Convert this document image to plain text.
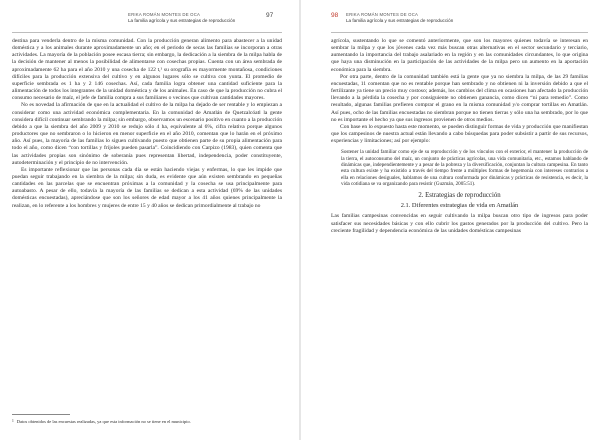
ERIKA ROMÁN MONTES DE OCA
La familia agrícola y sus estrategias de reproducción
97

destina para venderla dentro de la misma comunidad. Con la producción generan alimento para abastecer a la unidad doméstica y a los animales durante aproximadamente un año; en el periodo de secas las familias se incorporan a otras actividades. La mayoría de la población posee escasa tierra; sin embargo, la dedicación a la siembra de la milpa habla de la decisión de mantener al menos la posibilidad de alimentarse con cosechas propias. Cuenta con un área sembrada de aproximadamente 62 ha para el año 2010 y una cosecha de 122 t,¹ su orografía es mayormente montañosa, condiciones difíciles para la producción extensiva del cultivo y en algunos lugares sólo se cultiva con yunta. El promedio de superficie sembrada es 1 ha y 2 146 cosechas. Así, cada familia logra obtener una cantidad suficiente para la alimentación de todos los integrantes de la unidad doméstica y de los animales. En caso de que la producción no cubra el consumo necesario de maíz, el jefe de familia compra a sus familiares o vecinos que cultivan cantidades mayores.

No es novedad la afirmación de que en la actualidad el cultivo de la milpa ha dejado de ser rentable y lo empiezan a considerar como una actividad económica complementaria. En la comunidad de Amatlán de Quetzalcóatl la gente considera difícil continuar sembrando la milpa; sin embargo, observamos un escenario positivo en cuanto a la producción debido a que la siembra del año 2009 y 2010 se redujo sólo 4 ha, equivalente al 6%, cifra relativa porque algunos productores que no sembraron o lo hicieron en menor superficie en el año 2010, comentan que lo harán en el próximo año. Así pues, la mayoría de las familias lo siguen cultivando puesto que obtienen parte de su propia alimentación para todo el año, como dicen “con tortillas y frijoles pueden pasarla”. Coincidiendo con Carpizo (1983), quien comenta que las actividades propias son sinónimo de soberanía pues representan libertad, independencia, poder constituyente, autodeterminación y el principio de no intervención.

Es importante reflexionar que las personas cada día se están haciendo viejas y enfermas, lo que les impide que puedan seguir trabajando en la siembra de la milpa; sin duda, es evidente que aún existen sembrando en pequeñas cantidades en las parcelas que se encuentran próximas a la comunidad y la cosecha se usa principalmente para autoabasto. A pesar de ello, todavía la mayoría de las familias se dedican a esta actividad (69% de las unidades domésticas encuestadas), apreciándose que son los señores de edad mayor a los 41 años quienes principalmente la realizan, en lo referente a los hombres y mujeres de entre 15 y 40 años se dedican primordialmente al trabajo no

$^1$ Datos obtenidos de las encuestas realizadas, ya que esta información no se tiene en el municipio.
98 ERIKA ROMÁN MONTES DE OCA
La familia agrícola y sus estrategias de reproducción

agrícola, sustentando lo que se comentó anteriormente, que son los mayores quienes todavía se interesan en sembrar la milpa y que los jóvenes cada vez más buscan otras alternativas en el sector secundario y terciario, aumentando la importancia del trabajo asalariado en la región y en las comunidades circundantes, lo que origina que haya una disminución en la participación de las actividades de la milpa pero un aumento en la aportación económica para la siembra.

Por otra parte, dentro de la comunidad también está la gente que ya no siembra la milpa, de las 29 familias encuestadas, 11 comentan que no es rentable porque han sembrado y no obtienen ni la inversión debido a que el fertilizante ya tiene un precio muy costoso; además, los cambios del clima en ocasiones han afectado la producción llevando a la pérdida la cosecha y por consiguiente no obtienen ganancia, como dicen “ni para remedio”. Como resultado, algunas familias prefieren comprar el grano en la misma comunidad y/o comprar tortillas en Amatlán. Así pues, ocho de las familias encuestadas no siembran porque no tienen tierras y sólo una ha sembrado, por lo que no es importante el hecho ya que sus ingresos provienen de otros medios.

Con base en lo expuesto hasta este momento, se pueden distinguir formas de vida y producción que manifiestan que los campesinos de nuestra actual están llevando a cabo búsquedas para poder subsistir a partir de sus recursos, experiencias y limitaciones; así por ejemplo:

Sostener la unidad familiar como eje de su reproducción y de los vínculos con el exterior, el mantener la producción de la tierra, el autoconsumo del maíz, un conjunto de prácticas agrícolas, una vida comunitaria, etc., estamos hablando de dinámicas que, independientemente y a pesar de la pobreza y la diversificación, conjuntan la cultura campesina. En tanto esta cultura existe y ha existido a través del tiempo frente a múltiples formas de hegemonía con intereses contrarios a ella en relaciones desiguales, hablamos de una cultura conformada por dinámicas y prácticas de resistencia, es decir, la vida cotidiana se va organizando para resistir (Guzmán, 2005:51).
2. Estrategias de reproducción
2.1. Diferentes estrategias de vida en Amatlán

Las familias campesinas convencidas en seguir cultivando la milpa buscan otro tipo de ingresos para poder satisfacer sus necesidades básicas y con ello cubrir los gastos generados por la producción del cultivo. Pero la creciente fragilidad y dependencia económica de las unidades domésticas campesinas
